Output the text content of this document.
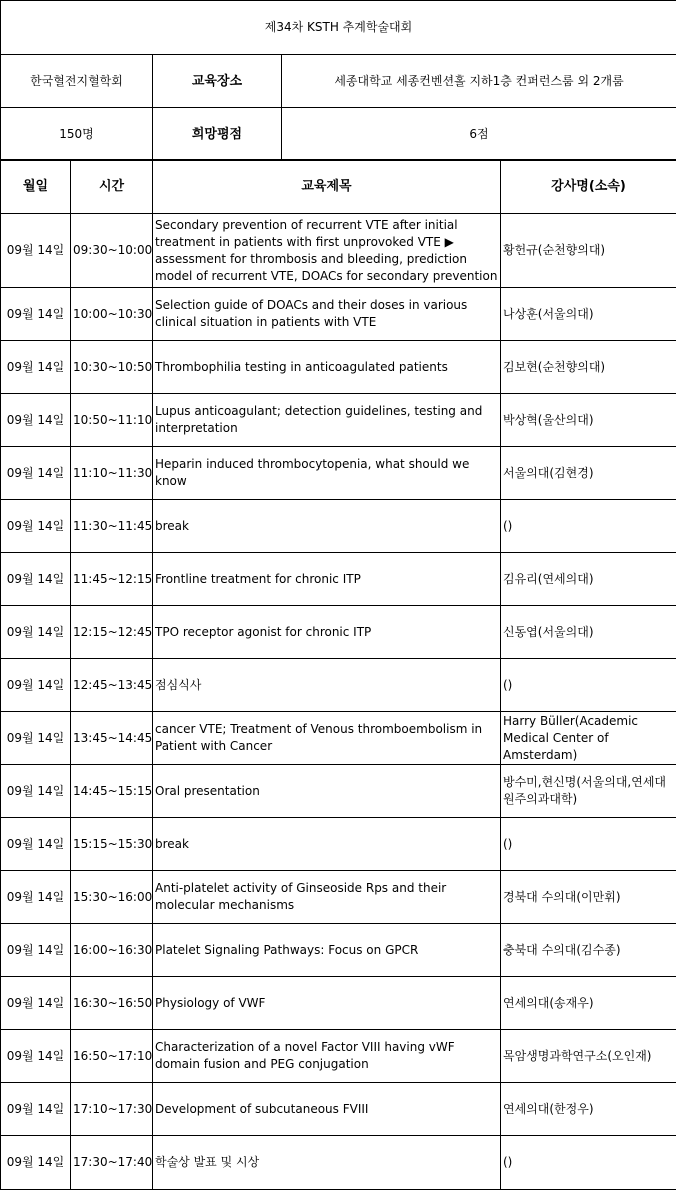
제34차 KSTH 추계학술대회		
한국혈전지혈학회	교육장소	세종대학교 세종컨벤션홀 지하1층 컨퍼런스룸 외 2개룸
150명	희망평점	6점
월일	시간	교육제목	강사명(소속)
09월 14일	09:30~10:00	Secondary prevention of recurrent VTE after initial treatment in patients with first unprovoked VTE ▶ assessment for thrombosis and bleeding, prediction model of recurrent VTE, DOACs for secondary prevention	황헌규(순천향의대)
09월 14일	10:00~10:30	Selection guide of DOACs and their doses in various clinical situation in patients with VTE	나상훈(서울의대)
09월 14일	10:30~10:50	Thrombophilia testing in anticoagulated patients	김보현(순천향의대)
09월 14일	10:50~11:10	Lupus anticoagulant; detection guidelines, testing and interpretation	박상혁(울산의대)
09월 14일	11:10~11:30	Heparin induced thrombocytopenia, what should we know	서울의대(김현경)
09월 14일	11:30~11:45	break	()
09월 14일	11:45~12:15	Frontline treatment for chronic ITP	김유리(연세의대)
09월 14일	12:15~12:45	TPO receptor agonist for chronic ITP	신동엽(서울의대)
09월 14일	12:45~13:45	점심식사	()
09월 14일	13:45~14:45	cancer VTE; Treatment of Venous thromboembolism in Patient with Cancer	Harry Büller(Academic Medical Center of Amsterdam)
09월 14일	14:45~15:15	Oral presentation	방수미,현신명(서울의대,연세대 원주의과대학)
09월 14일	15:15~15:30	break	()
09월 14일	15:30~16:00	Anti-platelet activity of Ginseoside Rps and their molecular mechanisms	경북대 수의대(이만휘)
09월 14일	16:00~16:30	Platelet Signaling Pathways: Focus on GPCR	충북대 수의대(김수종)
09월 14일	16:30~16:50	Physiology of VWF	연세의대(송재우)
09월 14일	16:50~17:10	Characterization of a novel Factor VIII having vWF domain fusion and PEG conjugation	목암생명과학연구소(오인재)
09월 14일	17:10~17:30	Development of subcutaneous FVIII	연세의대(한정우)
09월 14일	17:30~17:40	학술상 발표 및 시상	()
